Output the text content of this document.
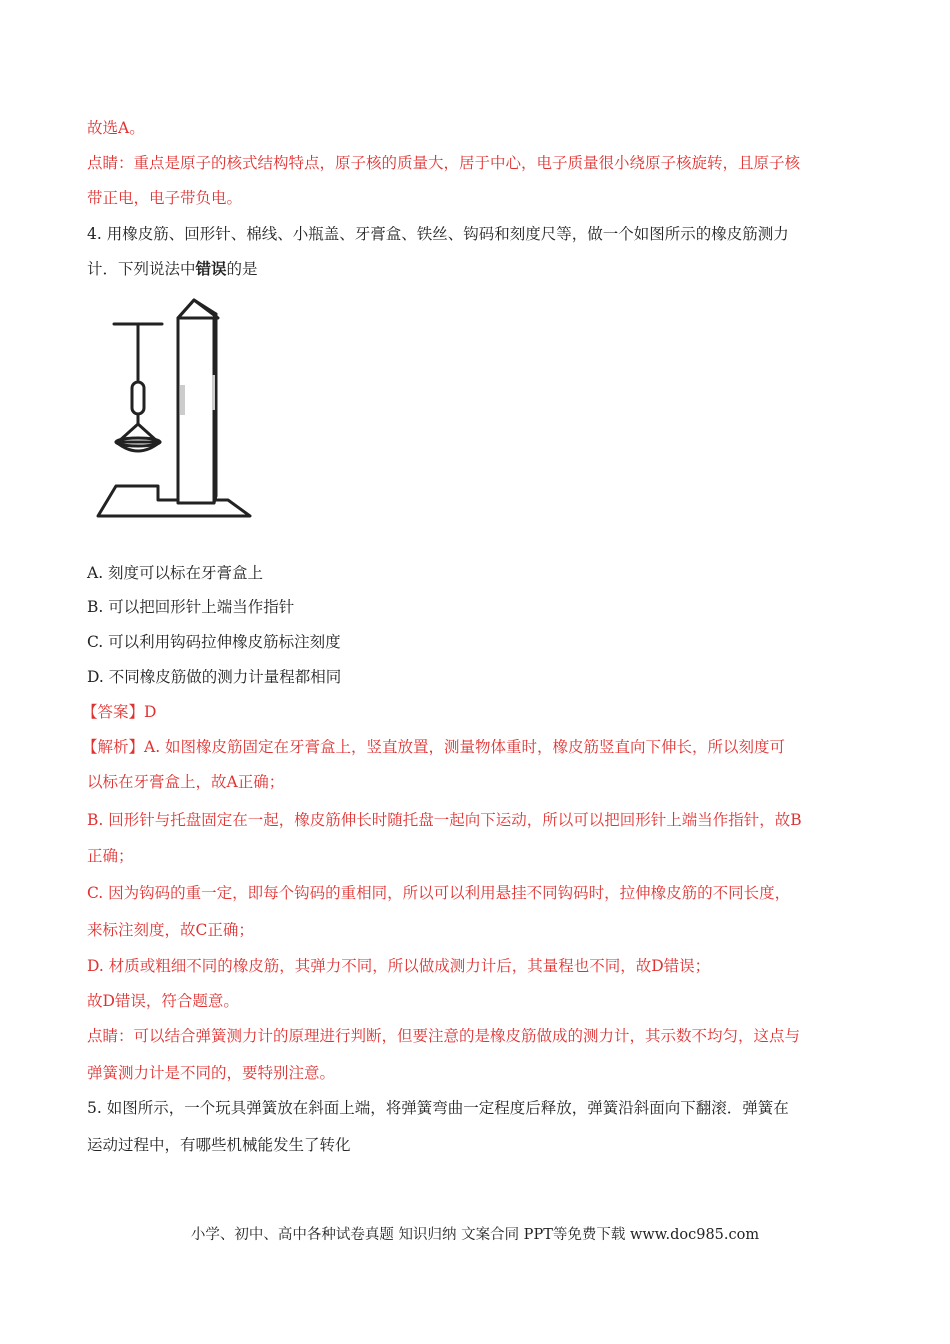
故选A。
点睛：重点是原子的核式结构特点，原子核的质量大，居于中心，电子质量很小绕原子核旋转，且原子核
带正电，电子带负电。
4. 用橡皮筋、回形针、棉线、小瓶盖、牙膏盒、铁丝、钩码和刻度尺等，做一个如图所示的橡皮筋测力
计．下列说法中错误的是
A. 刻度可以标在牙膏盒上
B. 可以把回形针上端当作指针
C. 可以利用钩码拉伸橡皮筋标注刻度
D. 不同橡皮筋做的测力计量程都相同
【答案】D
【解析】A. 如图橡皮筋固定在牙膏盒上，竖直放置，测量物体重时，橡皮筋竖直向下伸长，所以刻度可
以标在牙膏盒上，故A正确；
B. 回形针与托盘固定在一起，橡皮筋伸长时随托盘一起向下运动，所以可以把回形针上端当作指针，故B
正确；
C. 因为钩码的重一定，即每个钩码的重相同，所以可以利用悬挂不同钩码时，拉伸橡皮筋的不同长度，
来标注刻度，故C正确；
D. 材质或粗细不同的橡皮筋，其弹力不同，所以做成测力计后，其量程也不同，故D错误；
故D错误，符合题意。
点睛：可以结合弹簧测力计的原理进行判断，但要注意的是橡皮筋做成的测力计，其示数不均匀，这点与
弹簧测力计是不同的，要特别注意。
5. 如图所示，一个玩具弹簧放在斜面上端，将弹簧弯曲一定程度后释放，弹簧沿斜面向下翻滚．弹簧在
运动过程中，有哪些机械能发生了转化
小学、初中、高中各种试卷真题 知识归纳 文案合同 PPT等免费下载 www.doc985.com
